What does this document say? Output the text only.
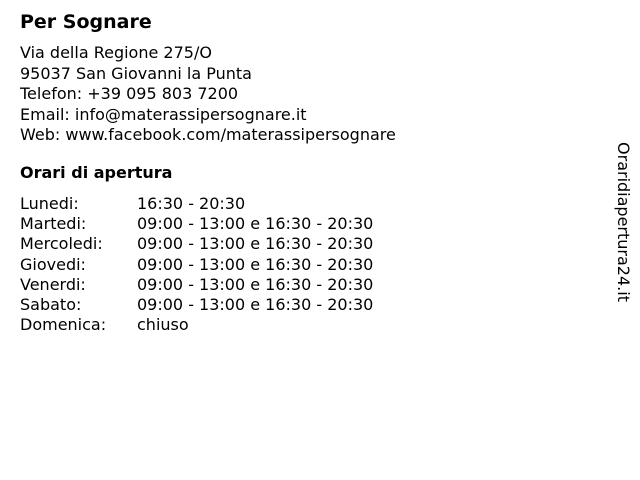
Per Sognare
Via della Regione 275/O
95037 San Giovanni la Punta
Telefon: +39 095 803 7200
Email: info@materassipersognare.it
Web: www.facebook.com/materassipersognare
Orari di apertura
Lunedi:	16:30 - 20:30
Martedi:	09:00 - 13:00 e 16:30 - 20:30
Mercoledi:	09:00 - 13:00 e 16:30 - 20:30
Giovedi:	09:00 - 13:00 e 16:30 - 20:30
Venerdi:	09:00 - 13:00 e 16:30 - 20:30
Sabato:	09:00 - 13:00 e 16:30 - 20:30
Domenica:	chiuso
Oraridiapertura24.it
